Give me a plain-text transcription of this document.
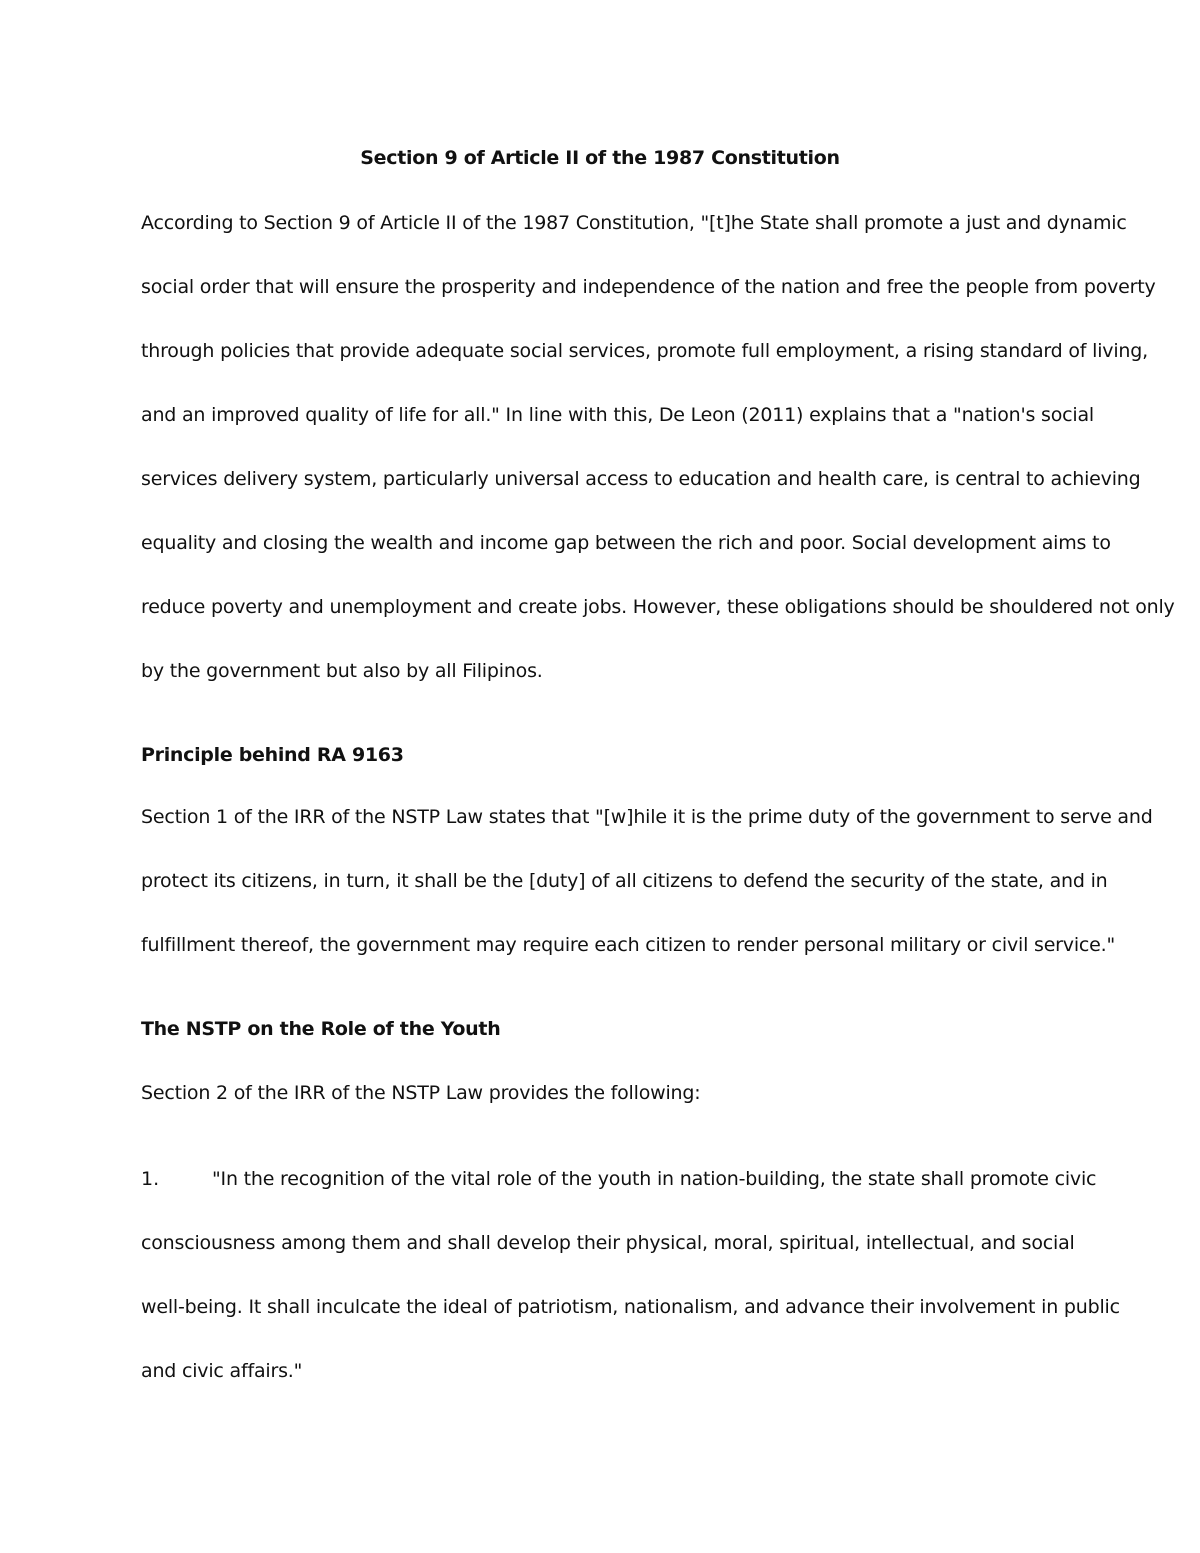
Section 9 of Article II of the 1987 Constitution
According to Section 9 of Article II of the 1987 Constitution, "[t]he State shall promote a just and dynamic
social order that will ensure the prosperity and independence of the nation and free the people from poverty
through policies that provide adequate social services, promote full employment, a rising standard of living,
and an improved quality of life for all." In line with this, De Leon (2011) explains that a "nation's social
services delivery system, particularly universal access to education and health care, is central to achieving
equality and closing the wealth and income gap between the rich and poor. Social development aims to
reduce poverty and unemployment and create jobs. However, these obligations should be shouldered not only
by the government but also by all Filipinos.
Principle behind RA 9163
Section 1 of the IRR of the NSTP Law states that "[w]hile it is the prime duty of the government to serve and
protect its citizens, in turn, it shall be the [duty] of all citizens to defend the security of the state, and in
fulfillment thereof, the government may require each citizen to render personal military or civil service."
The NSTP on the Role of the Youth
Section 2 of the IRR of the NSTP Law provides the following:
1.	"In the recognition of the vital role of the youth in nation-building, the state shall promote civic
consciousness among them and shall develop their physical, moral, spiritual, intellectual, and social
well-being. It shall inculcate the ideal of patriotism, nationalism, and advance their involvement in public
and civic affairs."
